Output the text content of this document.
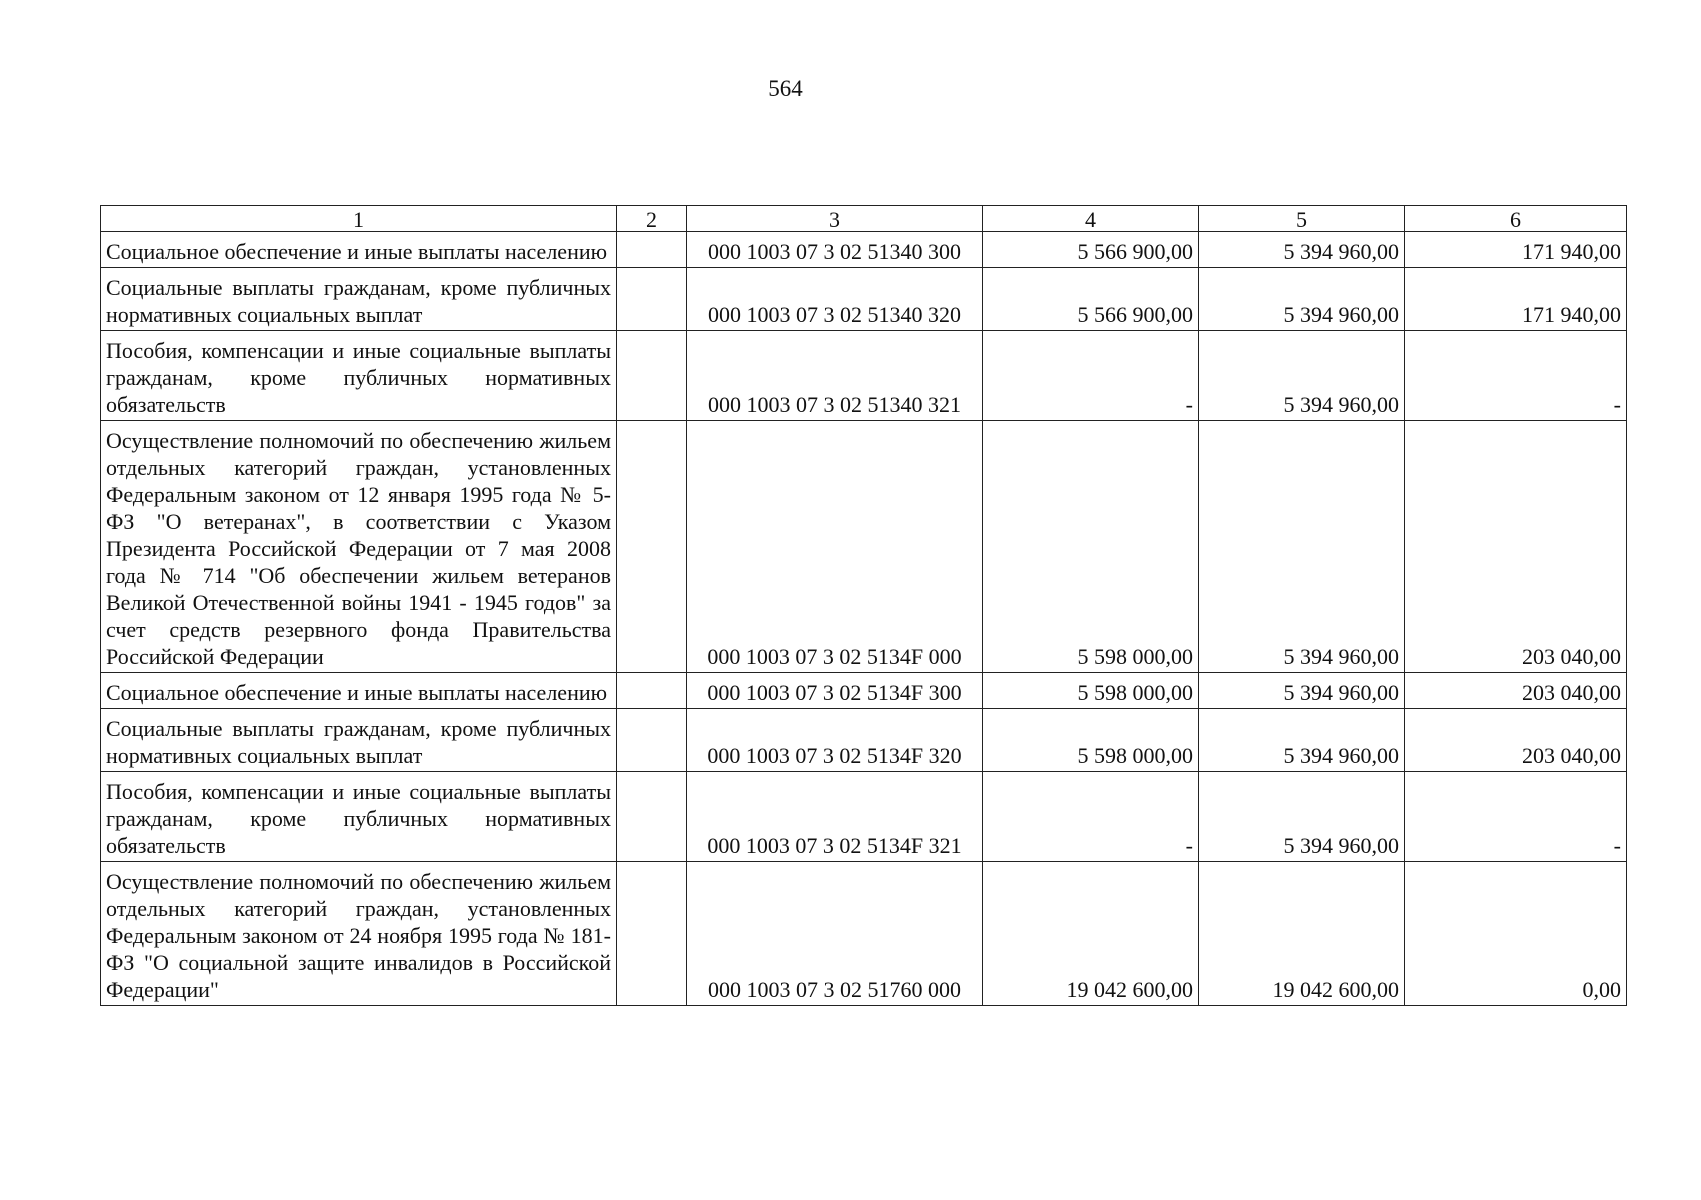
564
1	2	3	4	5	6
Социальное обеспечение и иные выплаты населению		000 1003 07 3 02 51340 300	5 566 900,00	5 394 960,00	171 940,00
Социальные выплаты гражданам, кроме публичных нормативных социальных выплат		000 1003 07 3 02 51340 320	5 566 900,00	5 394 960,00	171 940,00
Пособия, компенсации и иные социальные выплаты гражданам, кроме публичных нормативных обязательств		000 1003 07 3 02 51340 321	-	5 394 960,00	-
Осуществление полномочий по обеспечению жильем отдельных категорий граждан, установленных Федеральным законом от 12 января 1995 года № 5-ФЗ "О ветеранах", в соответствии с Указом Президента Российской Федерации от 7 мая 2008 года № 714 "Об обеспечении жильем ветеранов Великой Отечественной войны 1941 - 1945 годов" за счет средств резервного фонда Правительства Российской Федерации		000 1003 07 3 02 5134F 000	5 598 000,00	5 394 960,00	203 040,00
Социальное обеспечение и иные выплаты населению		000 1003 07 3 02 5134F 300	5 598 000,00	5 394 960,00	203 040,00
Социальные выплаты гражданам, кроме публичных нормативных социальных выплат		000 1003 07 3 02 5134F 320	5 598 000,00	5 394 960,00	203 040,00
Пособия, компенсации и иные социальные выплаты гражданам, кроме публичных нормативных обязательств		000 1003 07 3 02 5134F 321	-	5 394 960,00	-
Осуществление полномочий по обеспечению жильем отдельных категорий граждан, установленных Федеральным законом от 24 ноября 1995 года № 181-ФЗ "О социальной защите инвалидов в Российской Федерации"		000 1003 07 3 02 51760 000	19 042 600,00	19 042 600,00	0,00
